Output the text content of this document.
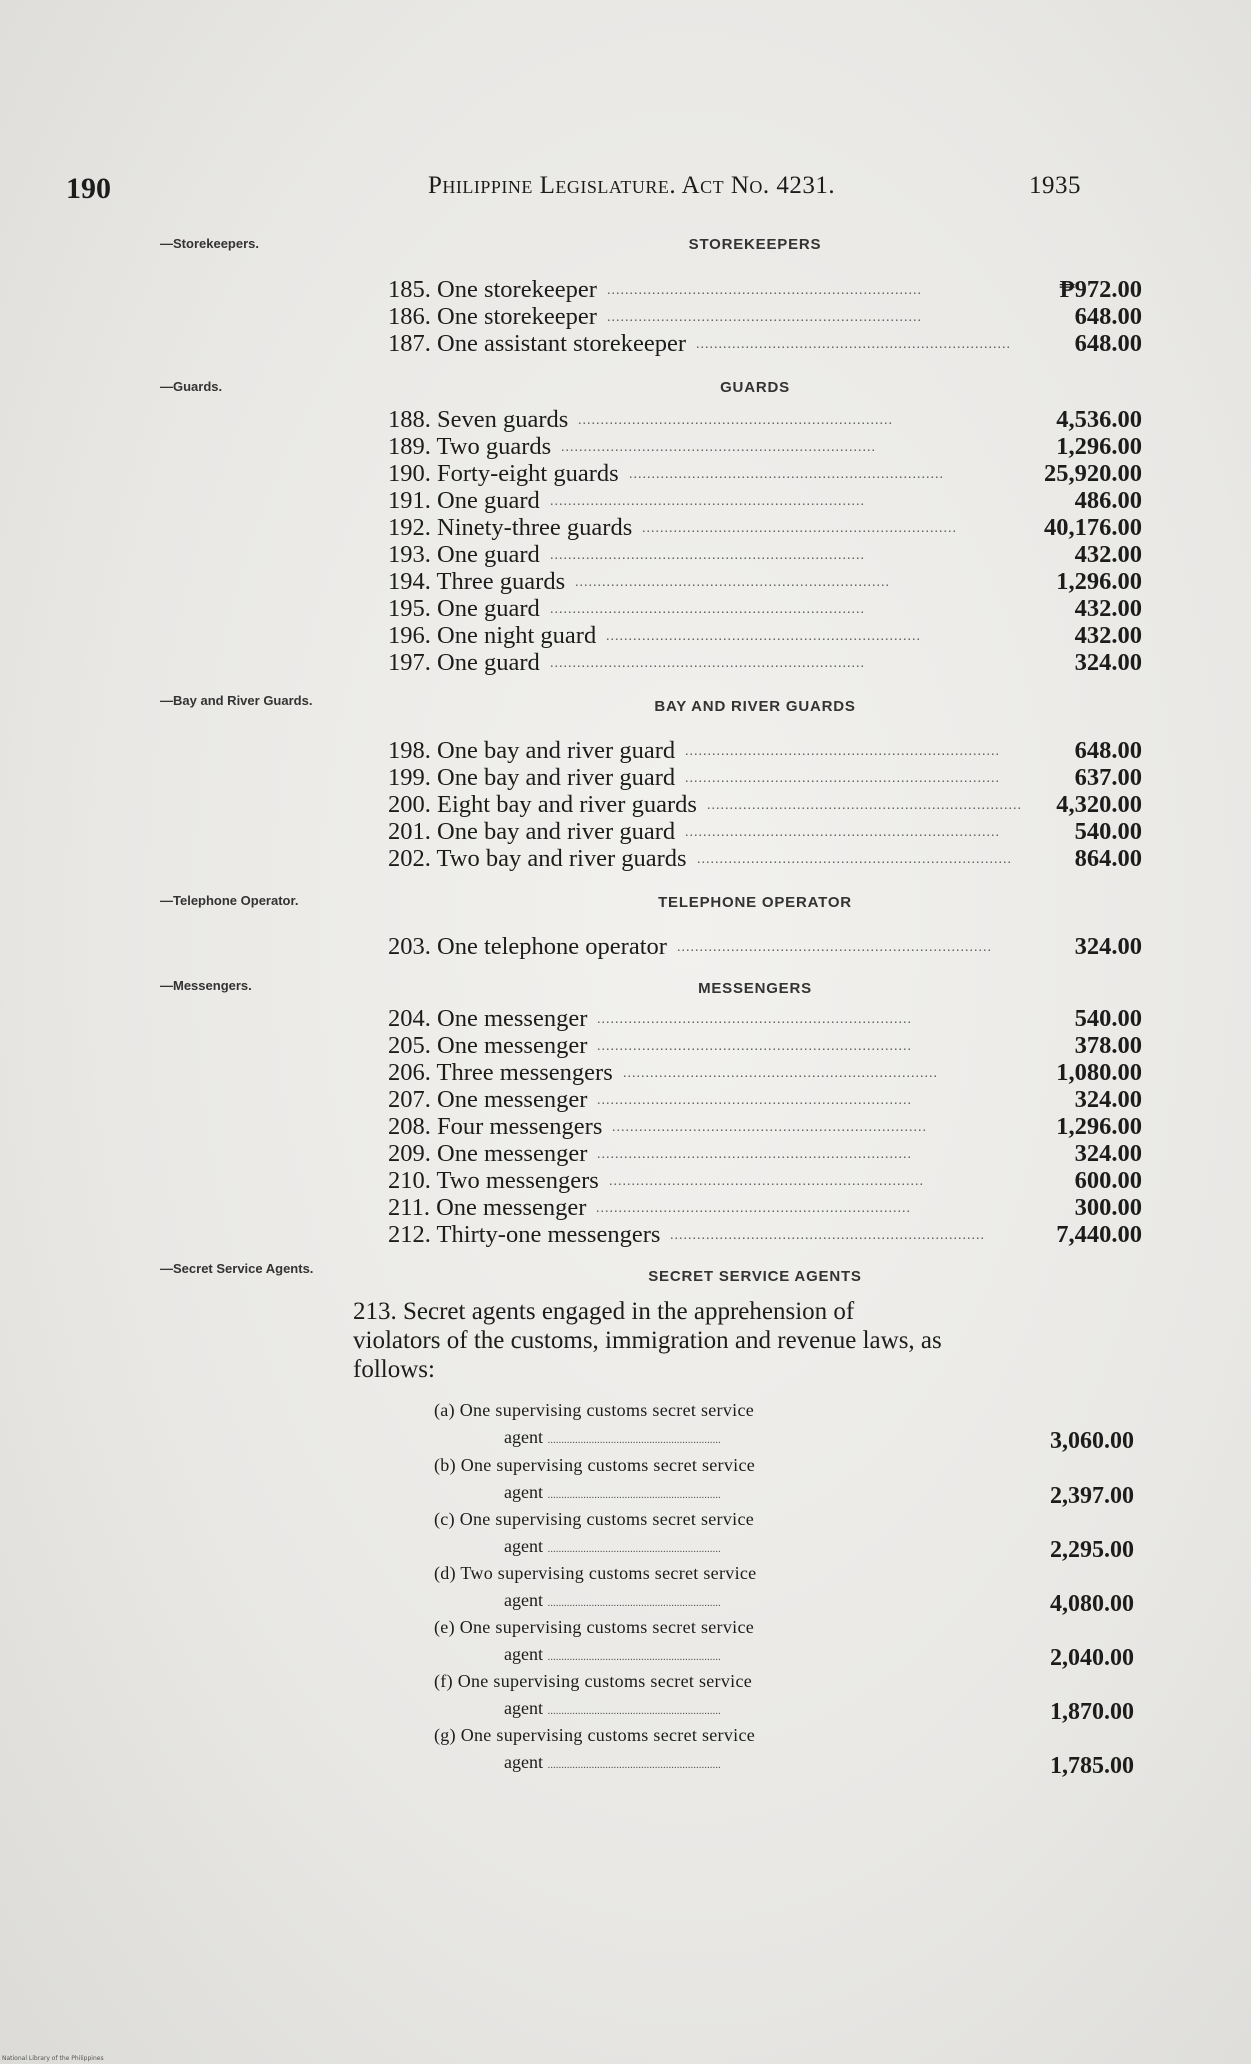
190	Philippine Legislature. Act No. 4231.	1935
—Storekeepers.	STOREKEEPERS
......................................................................
185. One storekeeper	₱972.00
......................................................................
186. One storekeeper	648.00
......................................................................
187. One assistant storekeeper	648.00
—Guards.	GUARDS
......................................................................
188. Seven guards	4,536.00
......................................................................
189. Two guards	1,296.00
......................................................................
190. Forty-eight guards	25,920.00
......................................................................
191. One guard	486.00
......................................................................
192. Ninety-three guards	40,176.00
......................................................................
193. One guard	432.00
......................................................................
194. Three guards	1,296.00
......................................................................
195. One guard	432.00
......................................................................
196. One night guard	432.00
......................................................................
197. One guard	324.00
—Bay and River Guards.	BAY AND RIVER GUARDS
......................................................................
198. One bay and river guard	648.00
......................................................................
199. One bay and river guard	637.00
......................................................................
200. Eight bay and river guards	4,320.00
......................................................................
201. One bay and river guard	540.00
......................................................................
202. Two bay and river guards	864.00
—Telephone Operator.	TELEPHONE OPERATOR
......................................................................
203. One telephone operator	324.00
—Messengers.	MESSENGERS
......................................................................
204. One messenger	540.00
......................................................................
205. One messenger	378.00
......................................................................
206. Three messengers	1,080.00
......................................................................
207. One messenger	324.00
......................................................................
208. Four messengers	1,296.00
......................................................................
209. One messenger	324.00
......................................................................
210. Two messengers	600.00
......................................................................
211. One messenger	300.00
......................................................................
212. Thirty-one messengers	7,440.00
—Secret Service Agents.	SECRET SERVICE AGENTS
213. Secret agents engaged in the apprehension of violators of the customs, immigration and revenue laws, as follows:
(a) One supervising customs secret service
agent ...............................................................	3,060.00
(b) One supervising customs secret service
agent ...............................................................	2,397.00
(c) One supervising customs secret service
agent ...............................................................	2,295.00
(d) Two supervising customs secret service
agent ...............................................................	4,080.00
(e) One supervising customs secret service
agent ...............................................................	2,040.00
(f) One supervising customs secret service
agent ...............................................................	1,870.00
(g) One supervising customs secret service
agent ...............................................................	1,785.00
National Library of the Philippines
